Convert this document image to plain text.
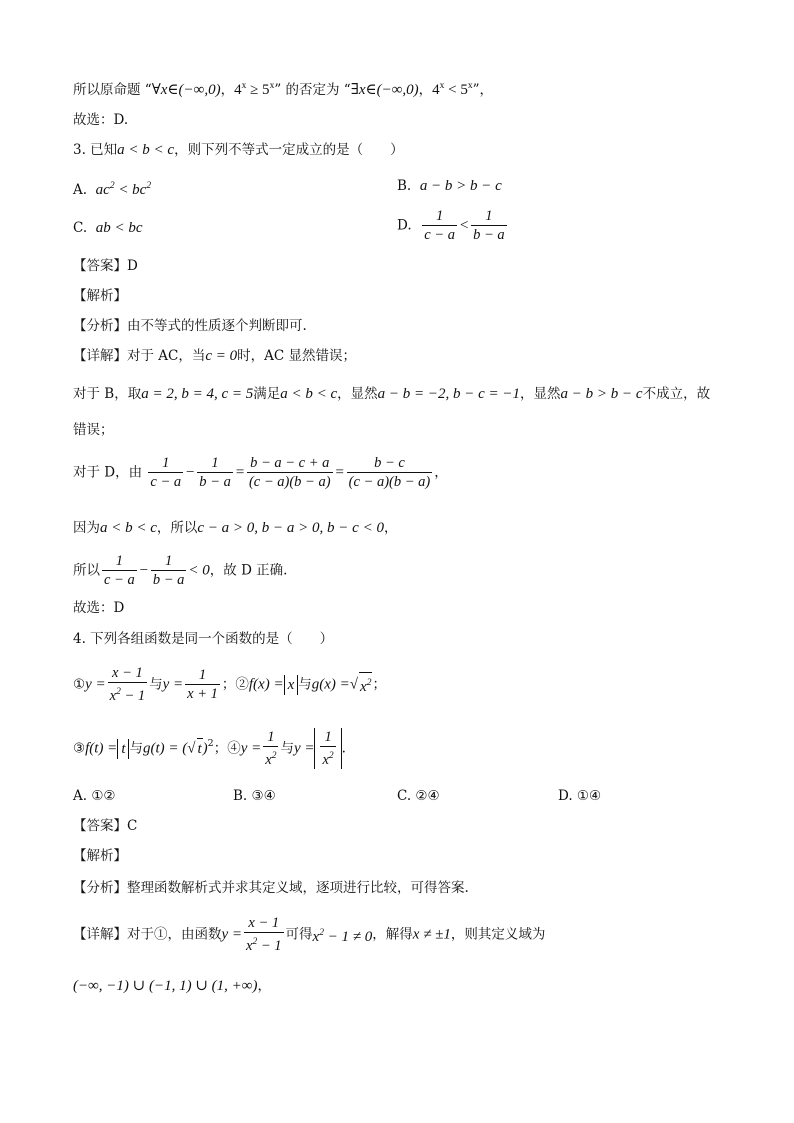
所以原命题 “∀x∈(−∞,0)，$4^x \ge 5^x$” 的否定为 “∃x∈(−∞,0)，$4^x < 5^x$”，
故选：D.
3. 已知a < b < c，则下列不等式一定成立的是（　　）
A. $ac^2 < bc^2$	B. a − b > b − c
C. ab < bc	D. $\frac{1}{c - a} < \frac{1}{b - a}$
【答案】D
【解析】
【分析】由不等式的性质逐个判断即可.
【详解】对于 AC，当c = 0时，AC 显然错误；
对于 B，取a = 2, b = 4, c = 5满足a < b < c，显然a − b = −2, b − c = −1，显然a − b > b − c不成立，故
错误；
对于 D，由 $\frac{1}{c - a} - \frac{1}{b - a} = \frac{b - a - c + a}{(c - a)(b - a)} = \frac{b - c}{(c - a)(b - a)}$ ，
因为a < b < c，所以c − a > 0, b − a > 0, b − c < 0，
所以 $\frac{1}{c - a} - \frac{1}{b - a} < 0$，故 D 正确.
故选：D
4. 下列各组函数是同一个函数的是（　　）
①y = $\frac{x - 1}{x^2 - 1}$ 与$y = \frac{1}{x + 1}$ ；②f(x) = x 与g(x) =√ $x^2$；
③f(t) = t 与g(t) = (√ t)$^2$；④y = $\frac{1}{x^2}$ 与$y = \frac{1}{x^2}$ .
A. ①②	B. ③④	C. ②④	D. ①④
【答案】C
【解析】
【分析】整理函数解析式并求其定义域，逐项进行比较，可得答案.
【详解】对于①，由函数$y = \frac{x - 1}{x^2 - 1}$ 可得$x^2 - 1 \ne 0$，解得x ≠ ±1，则其定义域为
(−∞, −1) ∪ (−1, 1) ∪ (1, +∞)，
